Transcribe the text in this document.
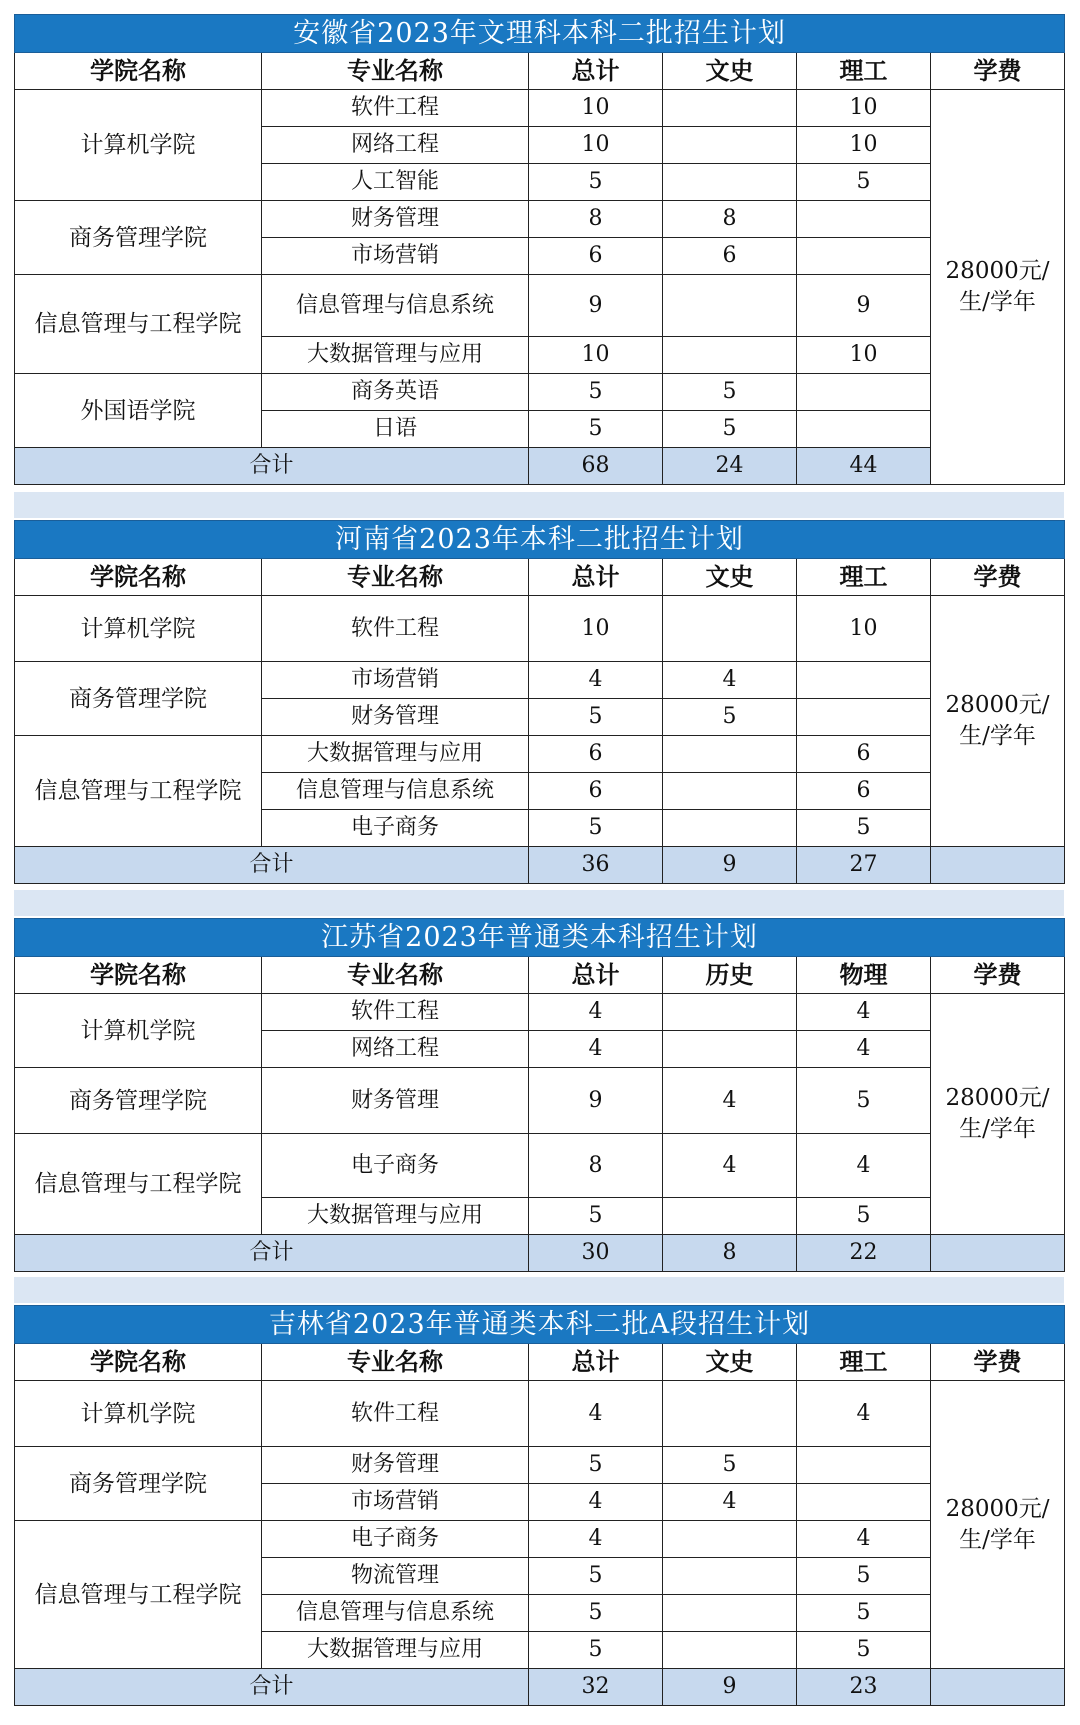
安徽省2023年文理科本科二批招生计划						
学院名称	专业名称	总计	文史	理工	学费	
计算机学院	软件工程	10		10	28000元/
生/学年	

	网络工程	10		10		
	人工智能	5		5		
商务管理学院	财务管理	8	8			
	市场营销	6	6			
信息管理与工程学院	信息管理与信息系统	9		9		
	大数据管理与应用	10		10		
外国语学院	商务英语	5	5			
	日语	5	5			
合计		68	24	44		
河南省2023年本科二批招生计划					
学院名称	专业名称	总计	文史	理工	学费
计算机学院	软件工程	10		10	28000元/
生/学年

商务管理学院	市场营销	4	4		
	财务管理	5	5		
信息管理与工程学院	大数据管理与应用	6		6	
	信息管理与信息系统	6		6	
	电子商务	5		5	
合计		36	9	27	
江苏省2023年普通类本科招生计划					
学院名称	专业名称	总计	历史	物理	学费
计算机学院	软件工程	4		4	28000元/
生/学年

	网络工程	4		4	
商务管理学院	财务管理	9	4	5	
信息管理与工程学院	电子商务	8	4	4	
	大数据管理与应用	5		5	
合计		30	8	22	
吉林省2023年普通类本科二批A段招生计划					
学院名称	专业名称	总计	文史	理工	学费
计算机学院	软件工程	4		4	28000元/
生/学年

商务管理学院	财务管理	5	5		
	市场营销	4	4		
信息管理与工程学院	电子商务	4		4	
	物流管理	5		5	
	信息管理与信息系统	5		5	
	大数据管理与应用	5		5	
合计		32	9	23	
